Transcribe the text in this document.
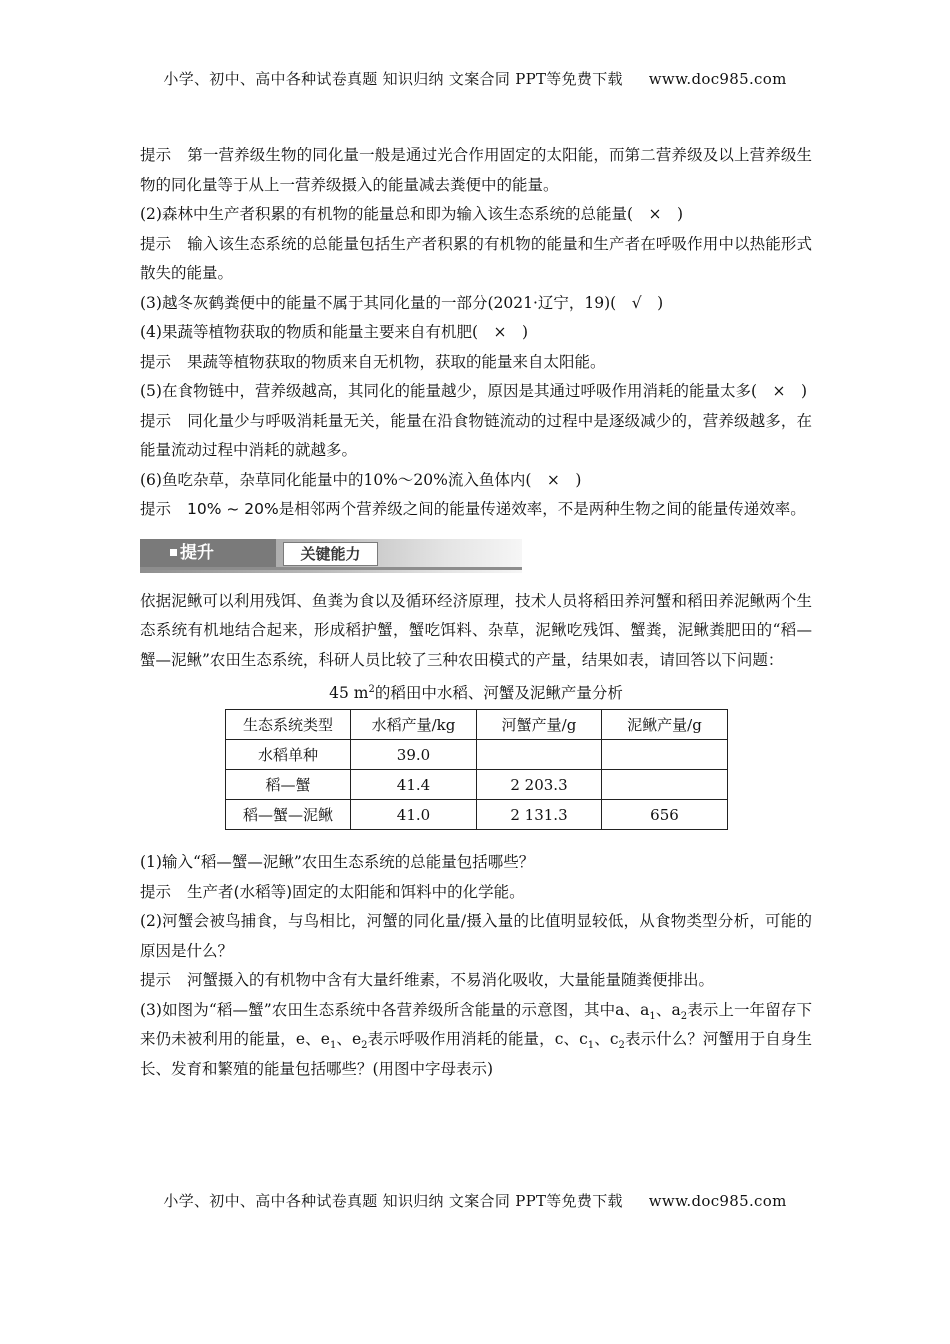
小学、初中、高中各种试卷真题 知识归纳 文案合同 PPT等免费下载 www.doc985.com

提示 第一营养级生物的同化量一般是通过光合作用固定的太阳能，而第二营养级及以上营养级生物的同化量等于从上一营养级摄入的能量减去粪便中的能量。

(2)森林中生产者积累的有机物的能量总和即为输入该生态系统的总能量(　×　)

提示 输入该生态系统的总能量包括生产者积累的有机物的能量和生产者在呼吸作用中以热能形式散失的能量。

(3)越冬灰鹤粪便中的能量不属于其同化量的一部分(2021·辽宁，19)(　√　)

(4)果蔬等植物获取的物质和能量主要来自有机肥(　×　)

提示 果蔬等植物获取的物质来自无机物，获取的能量来自太阳能。

(5)在食物链中，营养级越高，其同化的能量越少，原因是其通过呼吸作用消耗的能量太多(　×　)

提示 同化量少与呼吸消耗量无关，能量在沿食物链流动的过程中是逐级减少的，营养级越多，在能量流动过程中消耗的就越多。

(6)鱼吃杂草，杂草同化能量中的10%～20%流入鱼体内(　×　)

提示 10% ~ 20%是相邻两个营养级之间的能量传递效率，不是两种生物之间的能量传递效率。

提升	关键能力

依据泥鳅可以利用残饵、鱼粪为食以及循环经济原理，技术人员将稻田养河蟹和稻田养泥鳅两个生态系统有机地结合起来，形成稻护蟹，蟹吃饵料、杂草，泥鳅吃残饵、蟹粪，泥鳅粪肥田的“稻—蟹—泥鳅”农田生态系统，科研人员比较了三种农田模式的产量，结果如表，请回答以下问题：

45 $m^2$的稻田中水稻、河蟹及泥鳅产量分析
生态系统类型	水稻产量/kg	河蟹产量/g	泥鳅产量/g
水稻单种	39.0		
稻—蟹	41.4	2 203.3	
稻—蟹—泥鳅	41.0	2 131.3	656

(1)输入“稻—蟹—泥鳅”农田生态系统的总能量包括哪些？

提示 生产者(水稻等)固定的太阳能和饵料中的化学能。

(2)河蟹会被鸟捕食，与鸟相比，河蟹的同化量/摄入量的比值明显较低，从食物类型分析，可能的原因是什么？

提示 河蟹摄入的有机物中含有大量纤维素，不易消化吸收，大量能量随粪便排出。

(3)如图为“稻—蟹”农田生态系统中各营养级所含能量的示意图，其中a、$a_1$、$a_2$表示上一年留存下来仍未被利用的能量，e、$e_1$、$e_2$表示呼吸作用消耗的能量，c、$c_1$、$c_2$表示什么？河蟹用于自身生长、发育和繁殖的能量包括哪些？(用图中字母表示)

小学、初中、高中各种试卷真题 知识归纳 文案合同 PPT等免费下载 www.doc985.com
